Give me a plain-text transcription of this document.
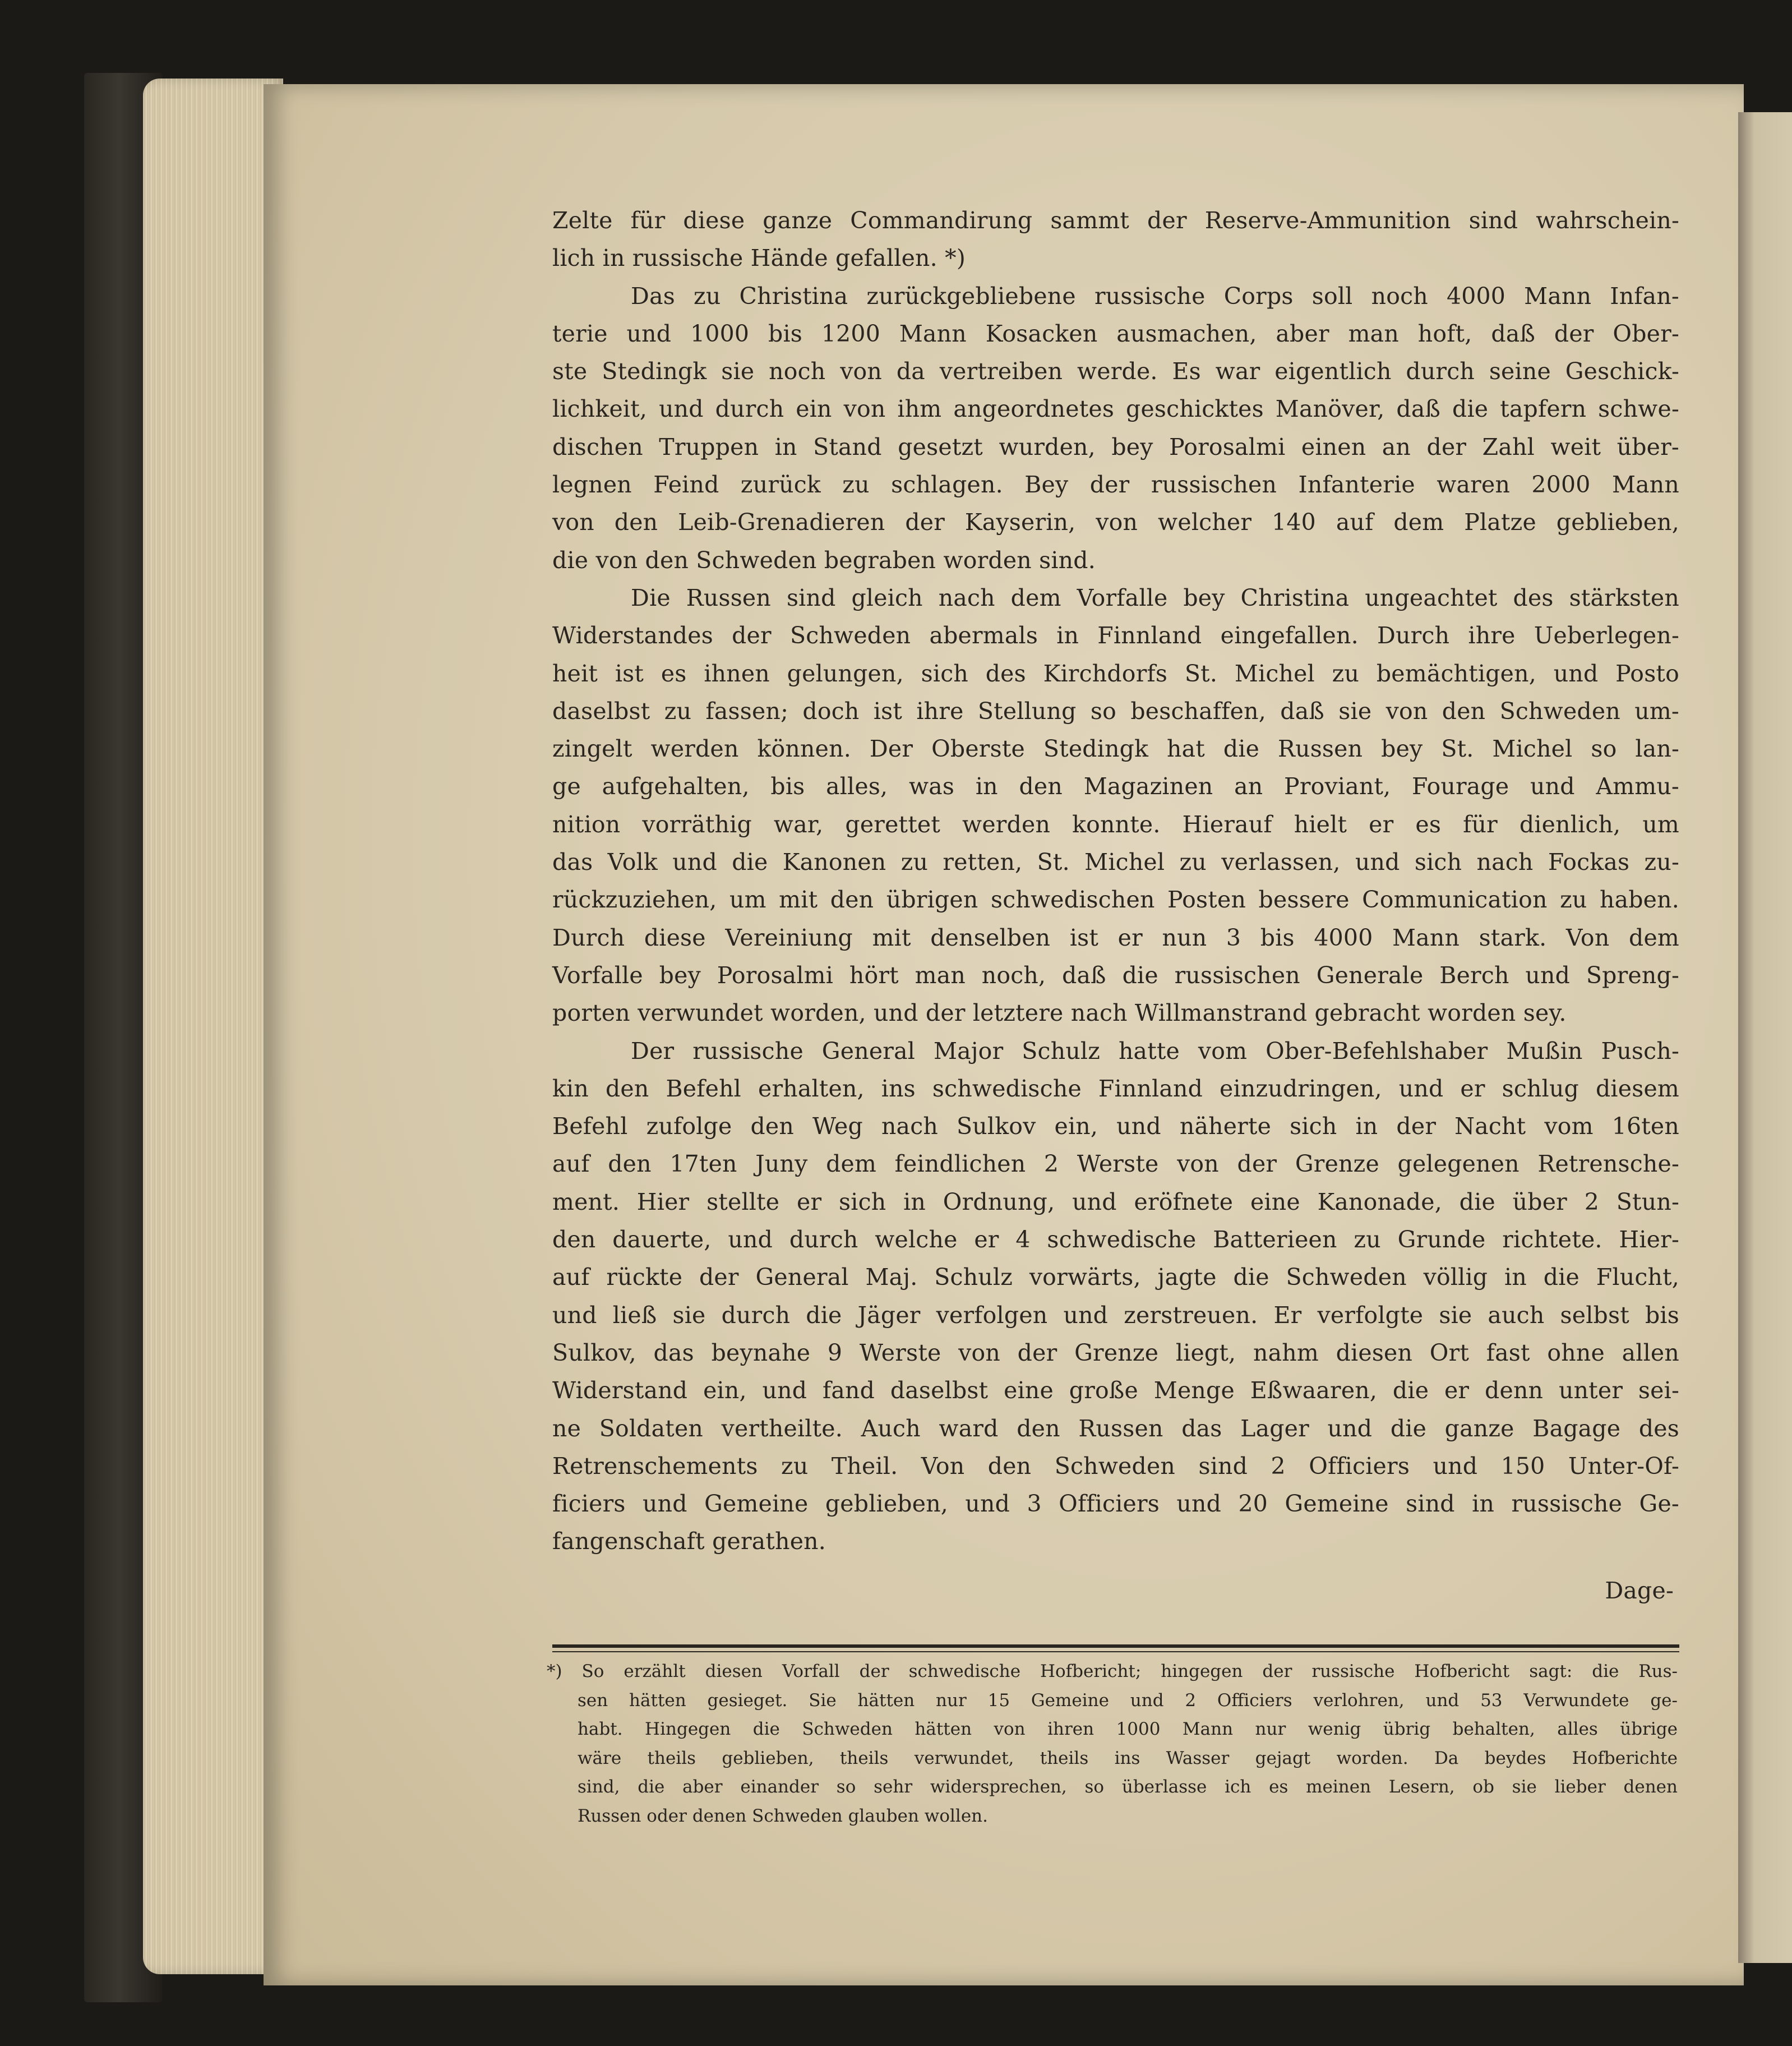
Zelte für diese ganze Commandirung sammt der Reserve-Ammunition sind wahrschein-
lich in russische Hände gefallen. *)
Das zu Christina zurückgebliebene russische Corps soll noch 4000 Mann Infan-
terie und 1000 bis 1200 Mann Kosacken ausmachen, aber man hoft, daß der Ober-
ste Stedingk sie noch von da vertreiben werde. Es war eigentlich durch seine Geschick-
lichkeit, und durch ein von ihm angeordnetes geschicktes Manöver, daß die tapfern schwe-
dischen Truppen in Stand gesetzt wurden, bey Porosalmi einen an der Zahl weit über-
legnen Feind zurück zu schlagen. Bey der russischen Infanterie waren 2000 Mann
von den Leib-Grenadieren der Kayserin, von welcher 140 auf dem Platze geblieben,
die von den Schweden begraben worden sind.
Die Russen sind gleich nach dem Vorfalle bey Christina ungeachtet des stärksten
Widerstandes der Schweden abermals in Finnland eingefallen. Durch ihre Ueberlegen-
heit ist es ihnen gelungen, sich des Kirchdorfs St. Michel zu bemächtigen, und Posto
daselbst zu fassen; doch ist ihre Stellung so beschaffen, daß sie von den Schweden um-
zingelt werden können. Der Oberste Stedingk hat die Russen bey St. Michel so lan-
ge aufgehalten, bis alles, was in den Magazinen an Proviant, Fourage und Ammu-
nition vorräthig war, gerettet werden konnte. Hierauf hielt er es für dienlich, um
das Volk und die Kanonen zu retten, St. Michel zu verlassen, und sich nach Fockas zu-
rückzuziehen, um mit den übrigen schwedischen Posten bessere Communication zu haben.
Durch diese Vereiniung mit denselben ist er nun 3 bis 4000 Mann stark. Von dem
Vorfalle bey Porosalmi hört man noch, daß die russischen Generale Berch und Spreng-
porten verwundet worden, und der letztere nach Willmanstrand gebracht worden sey.
Der russische General Major Schulz hatte vom Ober-Befehlshaber Mußin Pusch-
kin den Befehl erhalten, ins schwedische Finnland einzudringen, und er schlug diesem
Befehl zufolge den Weg nach Sulkov ein, und näherte sich in der Nacht vom 16ten
auf den 17ten Juny dem feindlichen 2 Werste von der Grenze gelegenen Retrensche-
ment. Hier stellte er sich in Ordnung, und eröfnete eine Kanonade, die über 2 Stun-
den dauerte, und durch welche er 4 schwedische Batterieen zu Grunde richtete. Hier-
auf rückte der General Maj. Schulz vorwärts, jagte die Schweden völlig in die Flucht,
und ließ sie durch die Jäger verfolgen und zerstreuen. Er verfolgte sie auch selbst bis
Sulkov, das beynahe 9 Werste von der Grenze liegt, nahm diesen Ort fast ohne allen
Widerstand ein, und fand daselbst eine große Menge Eßwaaren, die er denn unter sei-
ne Soldaten vertheilte. Auch ward den Russen das Lager und die ganze Bagage des
Retrenschements zu Theil. Von den Schweden sind 2 Officiers und 150 Unter-Of-
ficiers und Gemeine geblieben, und 3 Officiers und 20 Gemeine sind in russische Ge-
fangenschaft gerathen.
Dage-
*) So erzählt diesen Vorfall der schwedische Hofbericht; hingegen der russische Hofbericht sagt: die Rus-
sen hätten gesieget. Sie hätten nur 15 Gemeine und 2 Officiers verlohren, und 53 Verwundete ge-
habt. Hingegen die Schweden hätten von ihren 1000 Mann nur wenig übrig behalten, alles übrige
wäre theils geblieben, theils verwundet, theils ins Wasser gejagt worden. Da beydes Hofberichte
sind, die aber einander so sehr widersprechen, so überlasse ich es meinen Lesern, ob sie lieber denen
Russen oder denen Schweden glauben wollen.
